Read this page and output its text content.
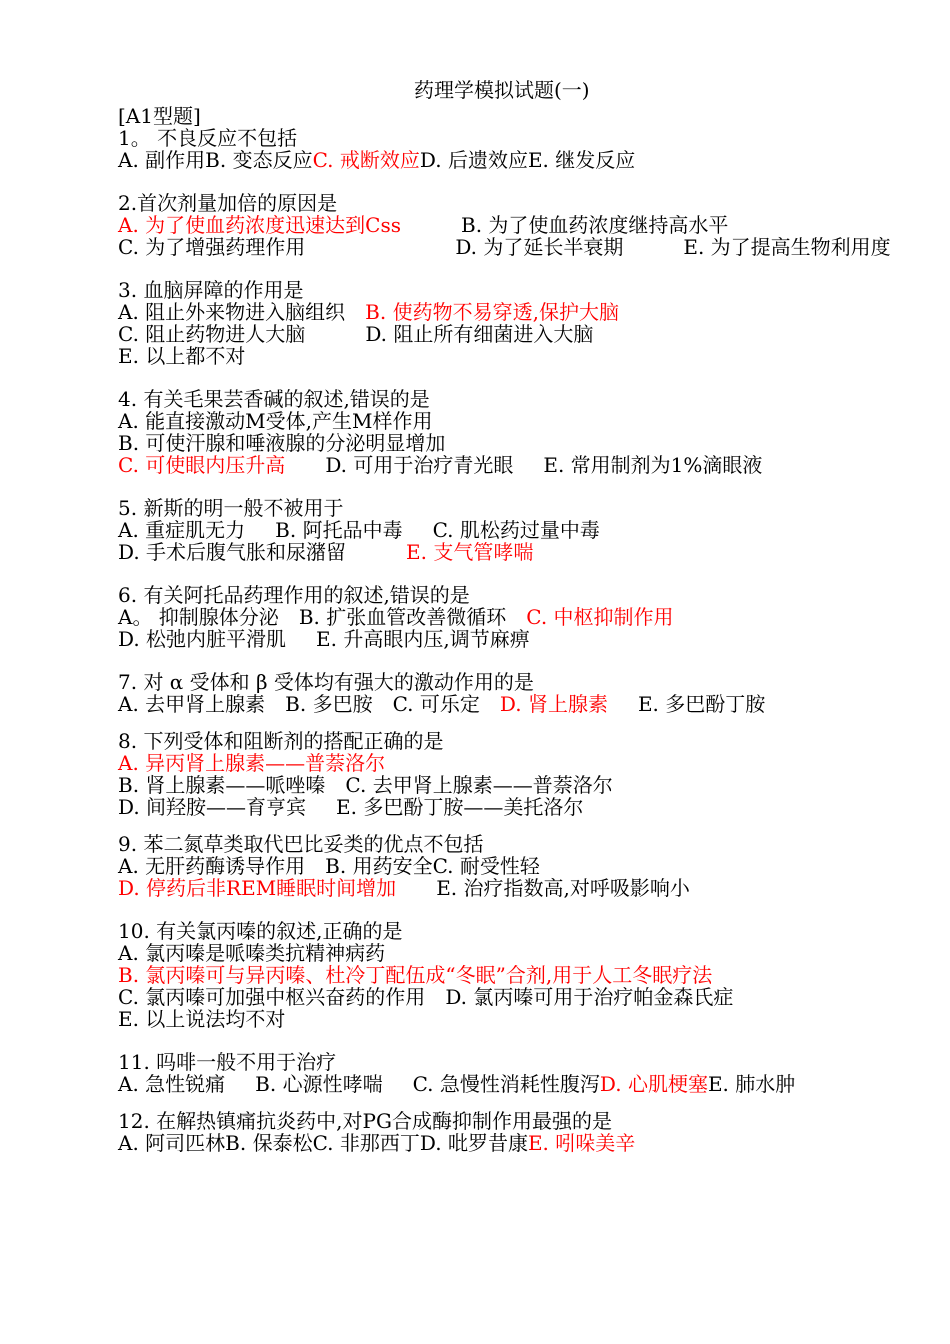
药理学模拟试题(一)
[A1型题]
1。 不良反应不包括
A. 副作用B. 变态反应C. 戒断效应D. 后遗效应E. 继发反应
2.首次剂量加倍的原因是
A. 为了使血药浓度迅速达到Css	B. 为了使血药浓度继持高水平
C. 为了增强药理作用	D. 为了延长半衰期	E. 为了提高生物利用度
3. 血脑屏障的作用是
A. 阻止外来物进入脑组织 B. 使药物不易穿透,保护大脑
C. 阻止药物进人大脑	D. 阻止所有细菌进入大脑
E. 以上都不对
4. 有关毛果芸香碱的叙述,错误的是
A. 能直接激动M受体,产生M样作用
B. 可使汗腺和唾液腺的分泌明显增加
C. 可使眼内压升高 D. 可用于治疗青光眼 E. 常用制剂为1%滴眼液
5. 新斯的明一般不被用于
A. 重症肌无力 B. 阿托品中毒 C. 肌松药过量中毒
D. 手术后腹气胀和尿潴留	E. 支气管哮喘
6. 有关阿托品药理作用的叙述,错误的是
A。 抑制腺体分泌 B. 扩张血管改善微循环 C. 中枢抑制作用
D. 松弛内脏平滑肌 E. 升高眼内压,调节麻痹
7. 对 α 受体和 β 受体均有强大的激动作用的是
A. 去甲肾上腺素 B. 多巴胺 C. 可乐定 D. 肾上腺素 E. 多巴酚丁胺
8. 下列受体和阻断剂的搭配正确的是
A. 异丙肾上腺素——普萘洛尔
B. 肾上腺素——哌唑嗪 C. 去甲肾上腺素——普萘洛尔
D. 间羟胺——育亨宾 E. 多巴酚丁胺——美托洛尔
9. 苯二氮草类取代巴比妥类的优点不包括
A. 无肝药酶诱导作用 B. 用药安全C. 耐受性轻
D. 停药后非REM睡眠时间增加 E. 治疗指数高,对呼吸影响小
10. 有关氯丙嗪的叙述,正确的是
A. 氯丙嗪是哌嗪类抗精神病药
B. 氯丙嗪可与异丙嗪、杜冷丁配伍成“冬眠”合剂,用于人工冬眠疗法
C. 氯丙嗪可加强中枢兴奋药的作用 D. 氯丙嗪可用于治疗帕金森氏症
E. 以上说法均不对
11. 吗啡一般不用于治疗
A. 急性锐痛 B. 心源性哮喘 C. 急慢性消耗性腹泻D. 心肌梗塞E. 肺水肿
12. 在解热镇痛抗炎药中,对PG合成酶抑制作用最强的是
A. 阿司匹林B. 保泰松C. 非那西丁D. 吡罗昔康E. 吲哚美辛
